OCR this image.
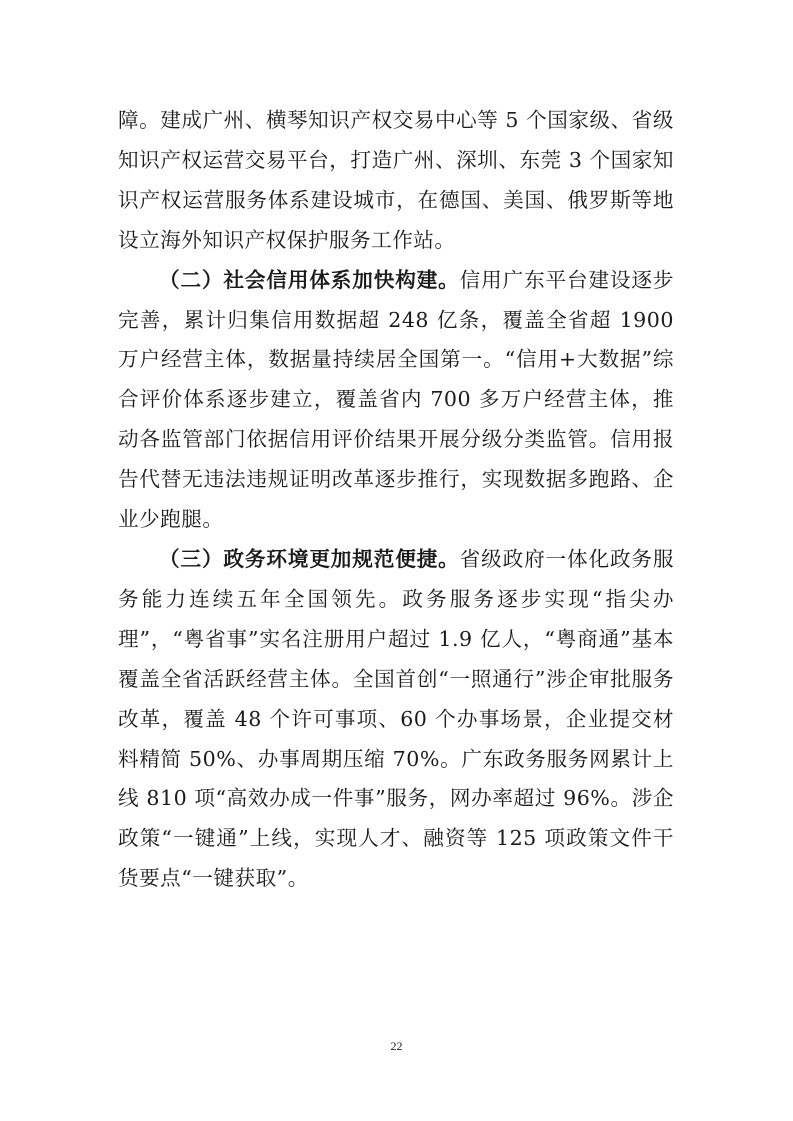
障。建成广州、横琴知识产权交易中心等 5 个国家级、省级知识产权运营交易平台，打造广州、深圳、东莞 3 个国家知识产权运营服务体系建设城市，在德国、美国、俄罗斯等地设立海外知识产权保护服务工作站。

（二）社会信用体系加快构建。信用广东平台建设逐步完善，累计归集信用数据超 248 亿条，覆盖全省超 1900 万户经营主体，数据量持续居全国第一。“信用+大数据”综合评价体系逐步建立，覆盖省内 700 多万户经营主体，推动各监管部门依据信用评价结果开展分级分类监管。信用报告代替无违法违规证明改革逐步推行，实现数据多跑路、企业少跑腿。

（三）政务环境更加规范便捷。省级政府一体化政务服务能力连续五年全国领先。政务服务逐步实现“指尖办理”，“粤省事”实名注册用户超过 1.9 亿人，“粤商通”基本覆盖全省活跃经营主体。全国首创“一照通行”涉企审批服务改革，覆盖 48 个许可事项、60 个办事场景，企业提交材料精简 50%、办事周期压缩 70%。广东政务服务网累计上线 810 项“高效办成一件事”服务，网办率超过 96%。涉企政策“一键通”上线，实现人才、融资等 125 项政策文件干货要点“一键获取”。

22
